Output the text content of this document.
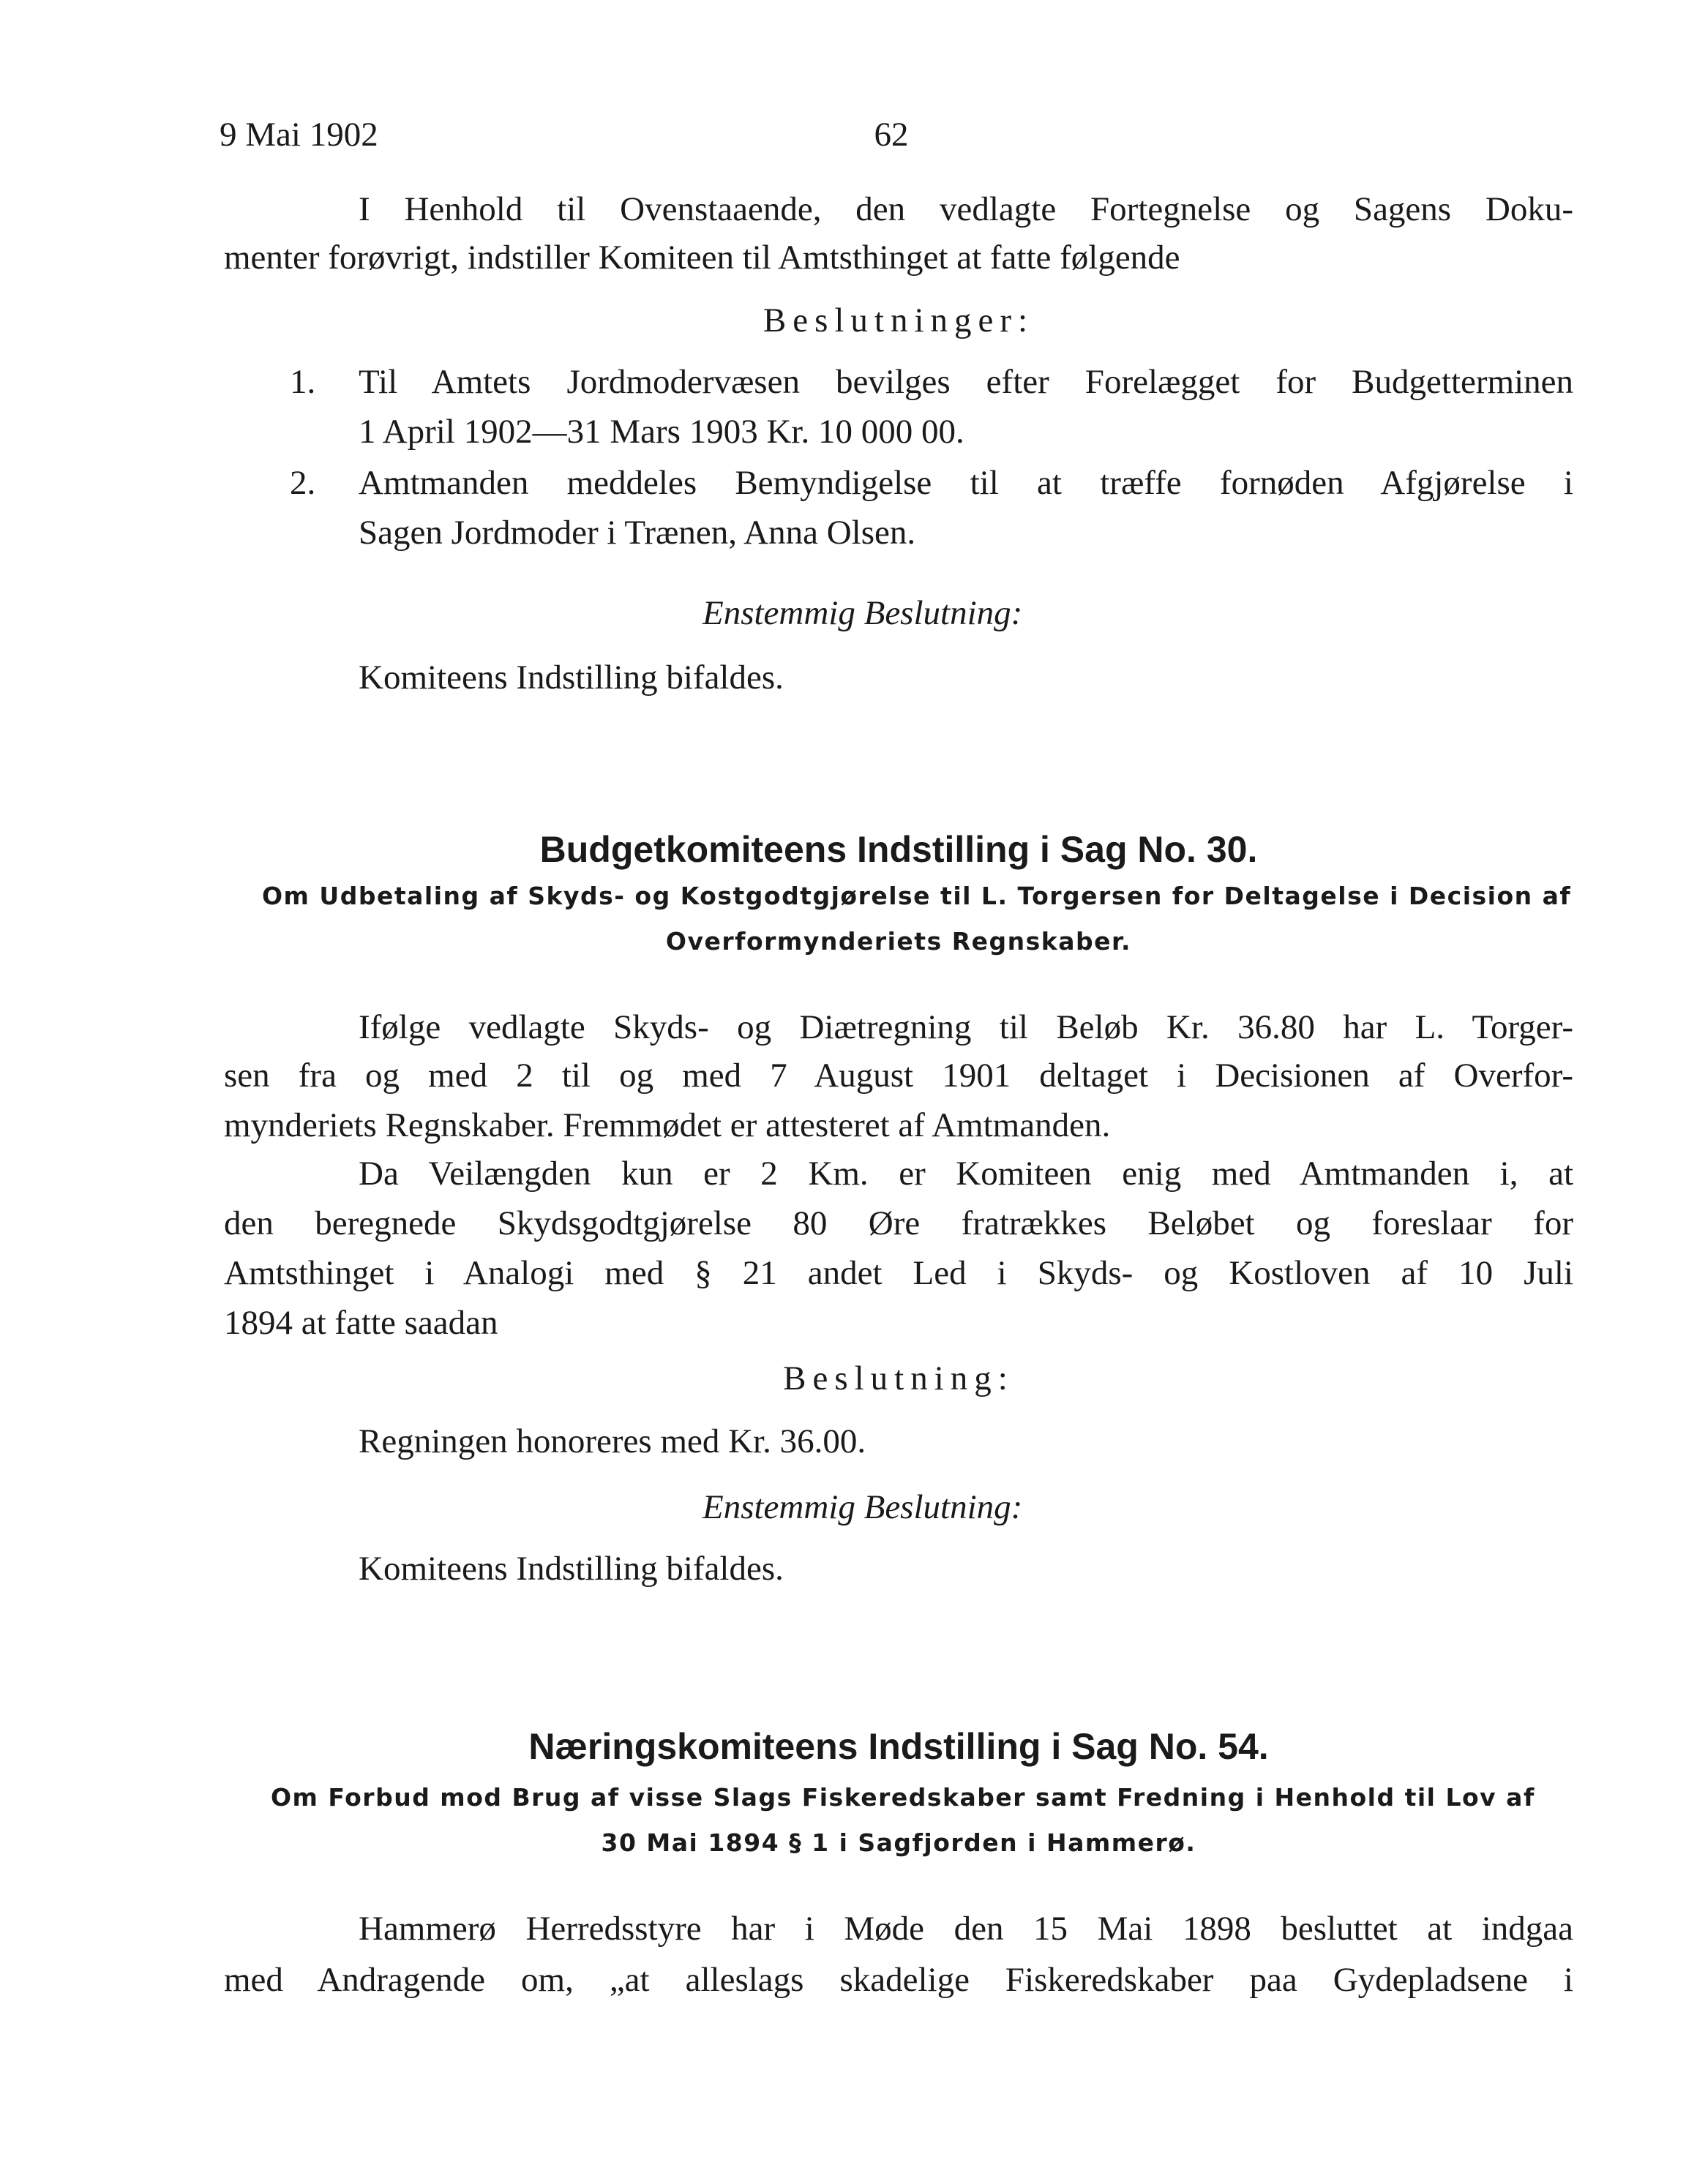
9 Mai 1902	62
I Henhold til Ovenstaaende, den vedlagte Fortegnelse og Sagens Doku-
menter forøvrigt, indstiller Komiteen til Amtsthinget at fatte følgende
Beslutninger:
1. Til Amtets Jordmodervæsen bevilges efter Forelægget for Budgetterminen
1 April 1902—31 Mars 1903 Kr. 10 000 00.
2. Amtmanden meddeles Bemyndigelse til at træffe fornøden Afgjørelse i
Sagen Jordmoder i Trænen, Anna Olsen.
Enstemmig Beslutning:
Komiteens Indstilling bifaldes.
Budgetkomiteens Indstilling i Sag No. 30.
Om Udbetaling af Skyds- og Kostgodtgjørelse til L. Torgersen for Deltagelse i Decision af
Overformynderiets Regnskaber.
Ifølge vedlagte Skyds- og Diætregning til Beløb Kr. 36.80 har L. Torger-
sen fra og med 2 til og med 7 August 1901 deltaget i Decisionen af Overfor-
mynderiets Regnskaber. Fremmødet er attesteret af Amtmanden.
Da Veilængden kun er 2 Km. er Komiteen enig med Amtmanden i, at
den beregnede Skydsgodtgjørelse 80 Øre fratrækkes Beløbet og foreslaar for
Amtsthinget i Analogi med § 21 andet Led i Skyds- og Kostloven af 10 Juli
1894 at fatte saadan
Beslutning:
Regningen honoreres med Kr. 36.00.
Enstemmig Beslutning:
Komiteens Indstilling bifaldes.
Næringskomiteens Indstilling i Sag No. 54.
Om Forbud mod Brug af visse Slags Fiskeredskaber samt Fredning i Henhold til Lov af
30 Mai 1894 § 1 i Sagfjorden i Hammerø.
Hammerø Herredsstyre har i Møde den 15 Mai 1898 besluttet at indgaa
med Andragende om, „at alleslags skadelige Fiskeredskaber paa Gydepladsene i
